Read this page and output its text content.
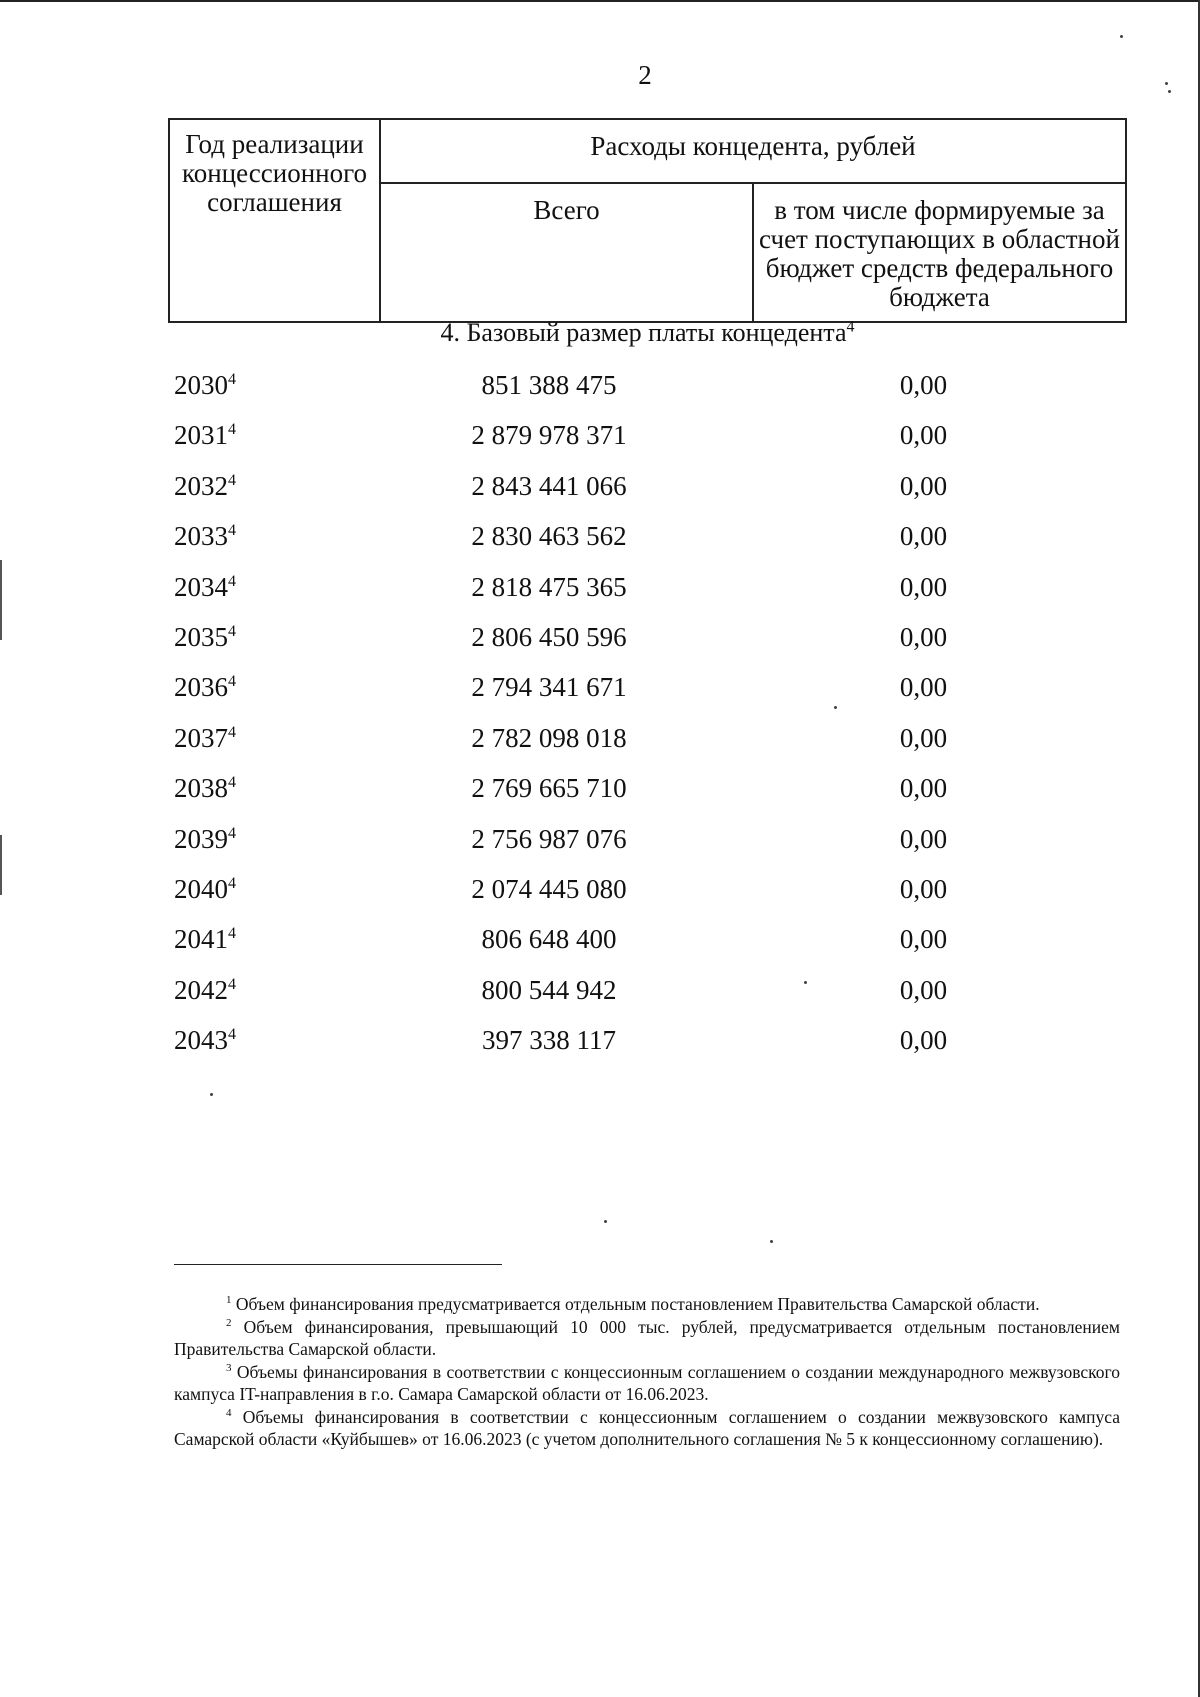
2
Год реализации концессионного соглашения	Расходы концедента, рублей	
	Всего	в том числе формируемые за счет поступающих в областной бюджет средств федерального бюджета
4. Базовый размер платы концедента$^4$
2030$^4$	851 388 475	0,00
2031$^4$	2 879 978 371	0,00
2032$^4$	2 843 441 066	0,00
2033$^4$	2 830 463 562	0,00
2034$^4$	2 818 475 365	0,00
2035$^4$	2 806 450 596	0,00
2036$^4$	2 794 341 671	0,00
2037$^4$	2 782 098 018	0,00
2038$^4$	2 769 665 710	0,00
2039$^4$	2 756 987 076	0,00
2040$^4$	2 074 445 080	0,00
2041$^4$	806 648 400	0,00
2042$^4$	800 544 942	0,00
2043$^4$	397 338 117	0,00

$^1$ Объем финансирования предусматривается отдельным постановлением Правительства Самарской области.

$^2$ Объем финансирования, превышающий 10 000 тыс. рублей, предусматривается отдельным постановлением Правительства Самарской области.

$^3$ Объемы финансирования в соответствии с концессионным соглашением о создании международного межвузовского кампуса IT-направления в г.о. Самара Самарской области от 16.06.2023.

$^4$ Объемы финансирования в соответствии с концессионным соглашением о создании межвузовского кампуса Самарской области «Куйбышев» от 16.06.2023 (с учетом дополнительного соглашения № 5 к концессионному соглашению).
